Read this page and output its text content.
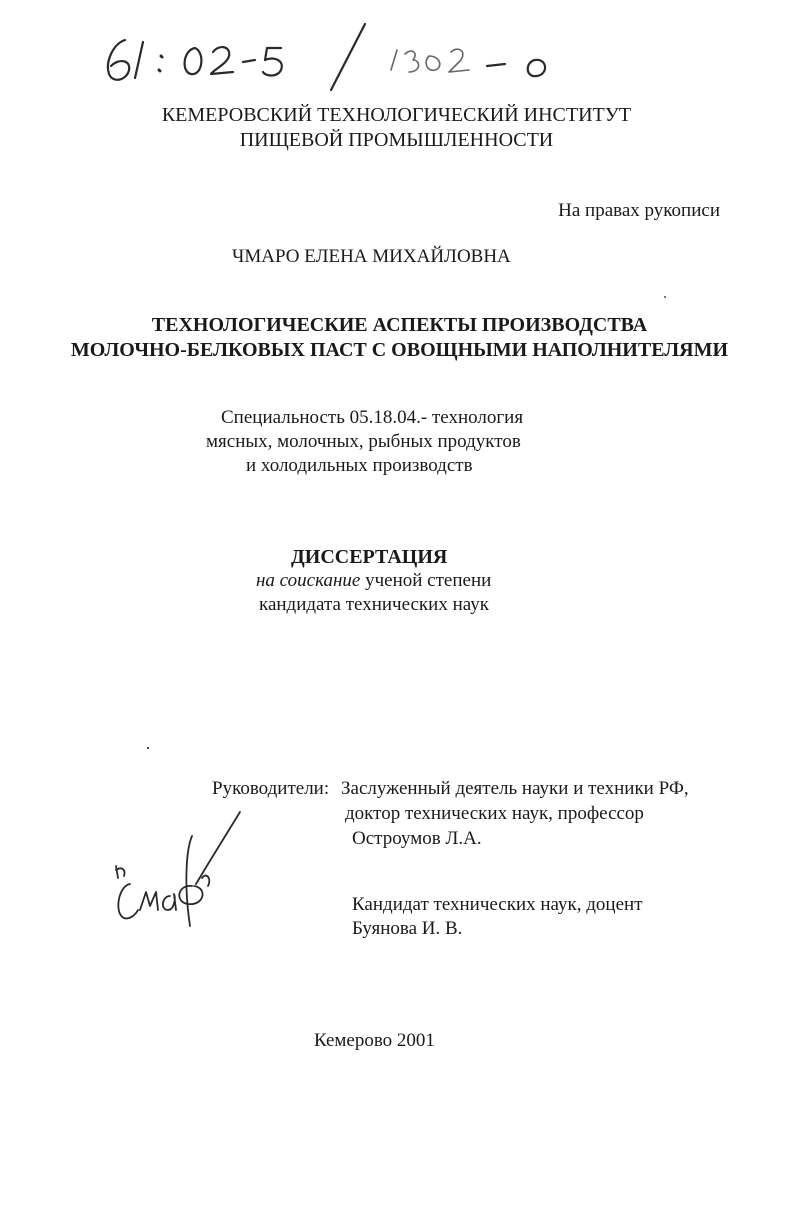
КЕМЕРОВСКИЙ ТЕХНОЛОГИЧЕСКИЙ ИНСТИТУТ
ПИЩЕВОЙ ПРОМЫШЛЕННОСТИ
На правах рукописи
ЧМАРО ЕЛЕНА МИХАЙЛОВНА
ТЕХНОЛОГИЧЕСКИЕ АСПЕКТЫ ПРОИЗВОДСТВА
МОЛОЧНО-БЕЛКОВЫХ ПАСТ С ОВОЩНЫМИ НАПОЛНИТЕЛЯМИ
Специальность 05.18.04.- технология
мясных, молочных, рыбных продуктов
и холодильных производств
ДИССЕРТАЦИЯ
на соискание ученой степени
кандидата технических наук
Руководители: Заслуженный деятель науки и техники РФ,
доктор технических наук, профессор
Остроумов Л.А.
Кандидат технических наук, доцент
Буянова И. В.
Кемерово 2001
